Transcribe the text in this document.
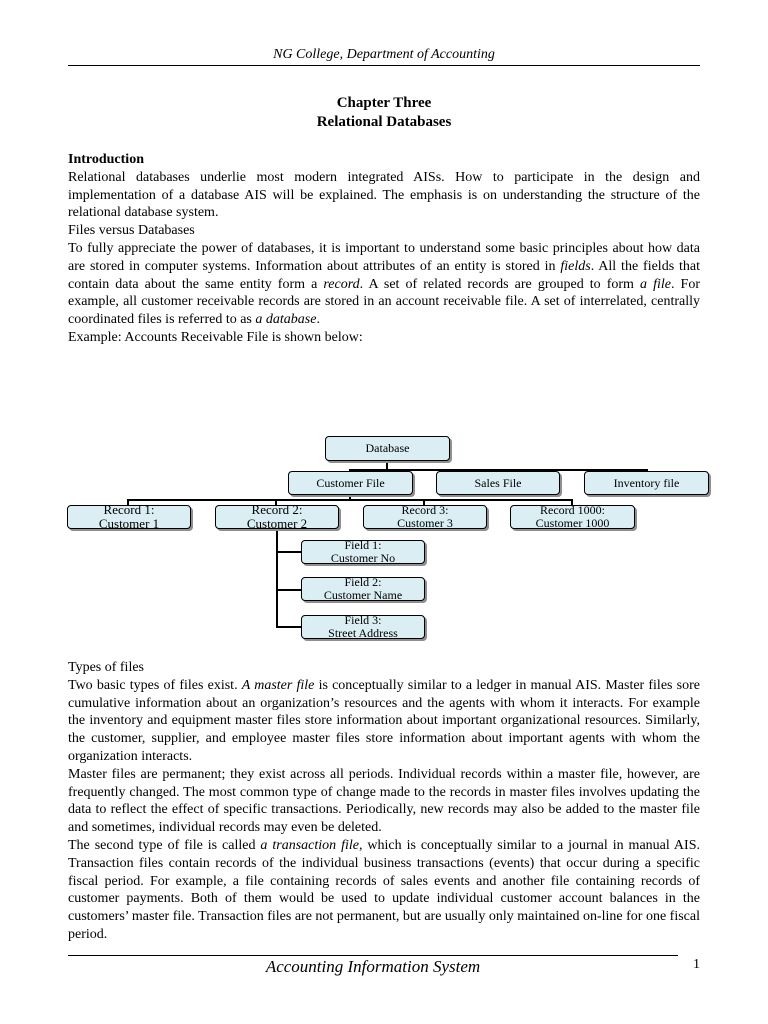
NG College, Department of Accounting
Chapter Three
Relational Databases

Introduction

Relational databases underlie most modern integrated AISs. How to participate in the design and implementation of a database AIS will be explained. The emphasis is on understanding the structure of the relational database system.

Files versus Databases

To fully appreciate the power of databases, it is important to understand some basic principles about how data are stored in computer systems. Information about attributes of an entity is stored in fields. All the fields that contain data about the same entity form a record. A set of related records are grouped to form a file. For example, all customer receivable records are stored in an account receivable file. A set of interrelated, centrally coordinated files is referred to as a database.

Example: Accounts Receivable File is shown below:

Database
Customer File	Sales File	Inventory file
Record 1:
Customer 1
Record 2:
Customer 2
Record 3:
Customer 3
Record 1000:
Customer 1000
Field 1:
Customer No
Field 2:
Customer Name
Field 3:
Street Address

Types of files

Two basic types of files exist. A master file is conceptually similar to a ledger in manual AIS. Master files sore cumulative information about an organization’s resources and the agents with whom it interacts. For example the inventory and equipment master files store information about important organizational resources. Similarly, the customer, supplier, and employee master files store information about important agents with whom the organization interacts.

Master files are permanent; they exist across all periods. Individual records within a master file, however, are frequently changed. The most common type of change made to the records in master files involves updating the data to reflect the effect of specific transactions. Periodically, new records may also be added to the master file and sometimes, individual records may even be deleted.

The second type of file is called a transaction file, which is conceptually similar to a journal in manual AIS. Transaction files contain records of the individual business transactions (events) that occur during a specific fiscal period. For example, a file containing records of sales events and another file containing records of customer payments. Both of them would be used to update individual customer account balances in the customers’ master file. Transaction files are not permanent, but are usually only maintained on-line for one fiscal period.

Accounting Information System	1
